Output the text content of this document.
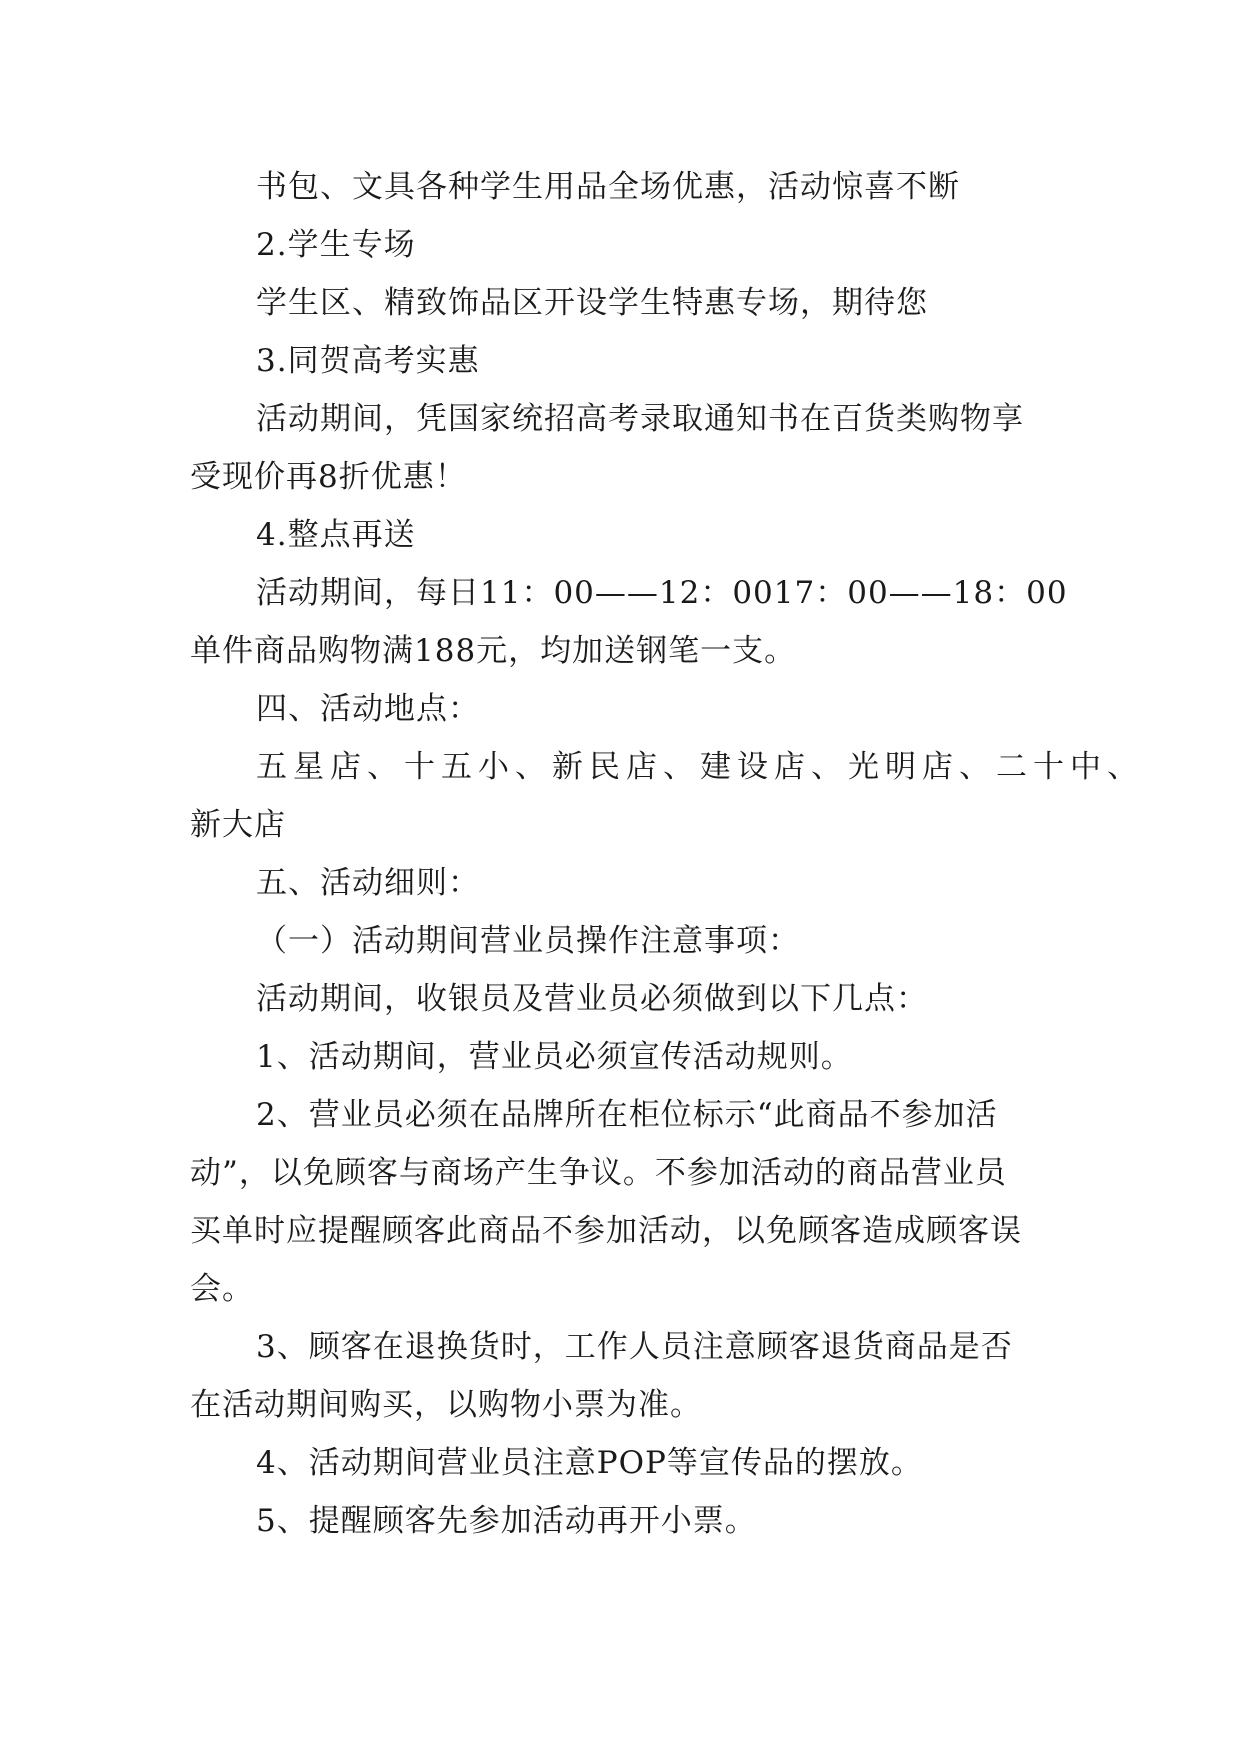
书包、文具各种学生用品全场优惠，活动惊喜不断
2.学生专场
学生区、精致饰品区开设学生特惠专场，期待您
3.同贺高考实惠
活动期间，凭国家统招高考录取通知书在百货类购物享
受现价再8折优惠！
4.整点再送
活动期间，每日11：00——12：0017：00——18：00
单件商品购物满188元，均加送钢笔一支。
四、活动地点：
五星店、十五小、新民店、建设店、光明店、二十中、
新大店
五、活动细则：
（一）活动期间营业员操作注意事项：
活动期间，收银员及营业员必须做到以下几点：
1、活动期间，营业员必须宣传活动规则。
2、营业员必须在品牌所在柜位标示“此商品不参加活
动”，以免顾客与商场产生争议。不参加活动的商品营业员
买单时应提醒顾客此商品不参加活动，以免顾客造成顾客误
会。
3、顾客在退换货时，工作人员注意顾客退货商品是否
在活动期间购买，以购物小票为准。
4、活动期间营业员注意POP等宣传品的摆放。
5、提醒顾客先参加活动再开小票。
